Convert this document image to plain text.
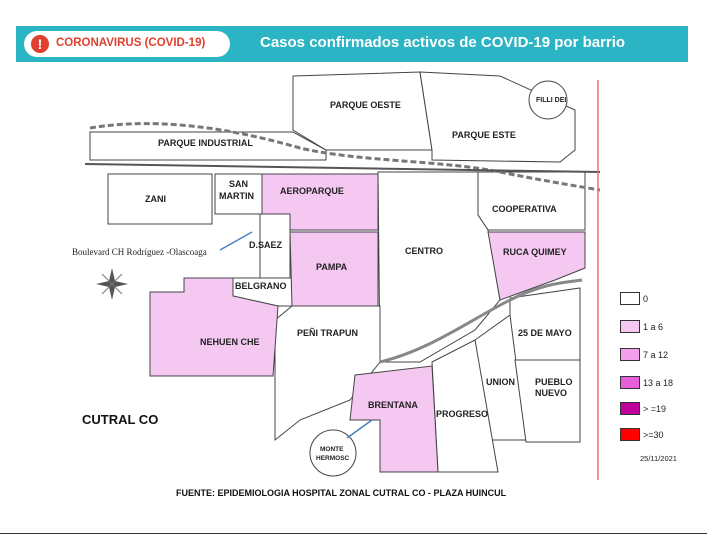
!	CORONAVIRUS (COVID-19)	Casos confirmados activos de COVID-19 por barrio
PARQUE OESTE
PARQUE ESTE
FILLI DEI
PARQUE INDUSTRIAL
ZANI
SAN
MARTIN	AEROPARQUE
COOPERATIVA
D.SAEZ
CENTRO	RUCA QUIMEY
PAMPA
BELGRANO
NEHUEN CHE
PEÑI TRAPUN	25 DE MAYO
UNION PUEBLO
NUEVO
BRENTANA
PROGRESO
MONTE
HERMOSC
Boulevard CH Rodríguez -Olascoaga
CUTRAL CO
0
1 a 6
7 a 12
13 a 18
> =19
>=30
25/11/2021
FUENTE: EPIDEMIOLOGIA HOSPITAL ZONAL CUTRAL CO - PLAZA HUINCUL
